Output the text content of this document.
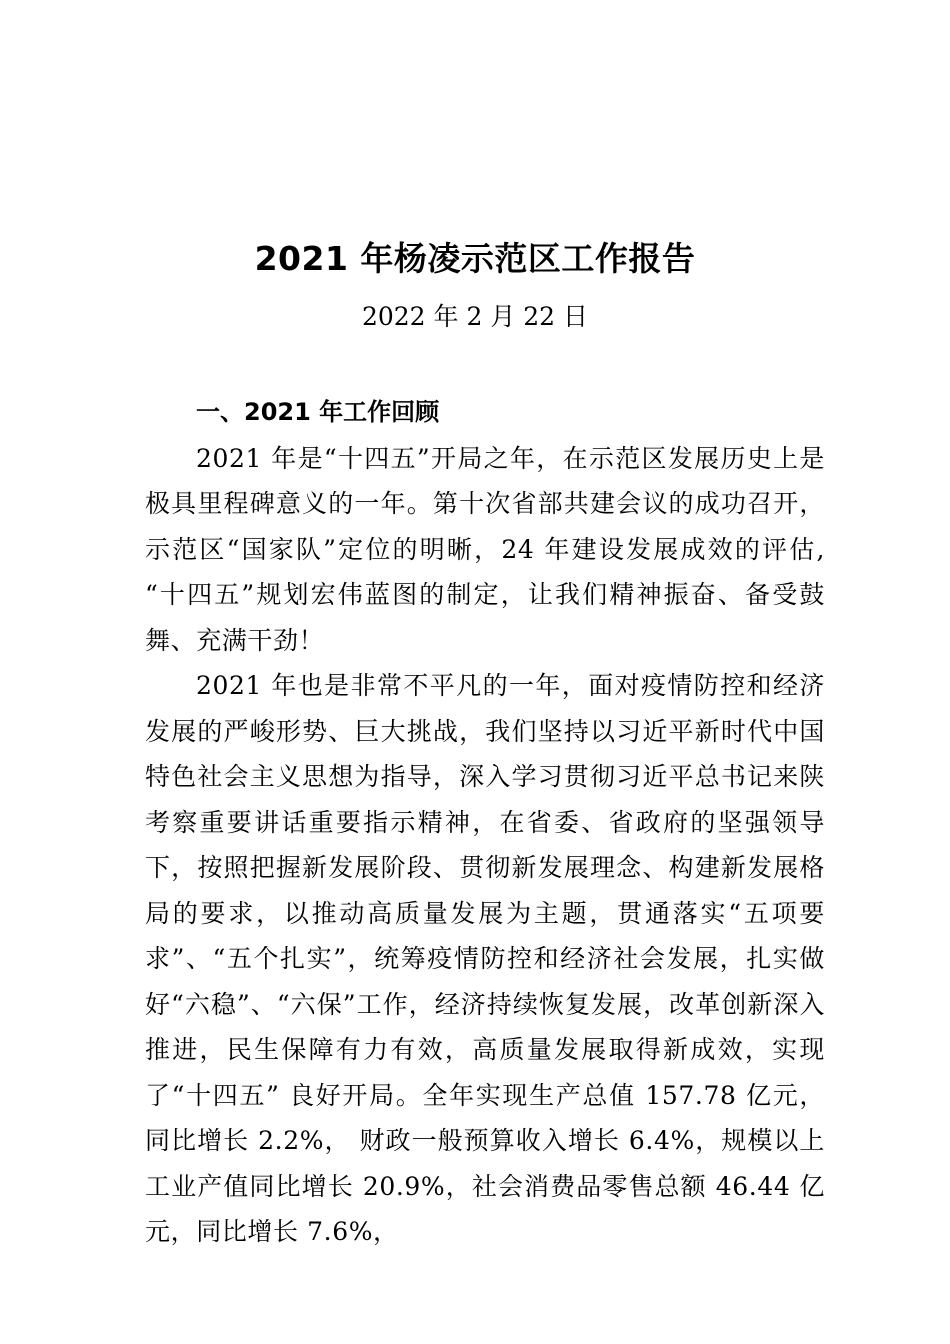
2021 年杨凌示范区工作报告

2022 年 2 月 22 日

一、2021 年工作回顾

2021 年是“十四五”开局之年，在示范区发展历史上是极具里程碑意义的一年。第十次省部共建会议的成功召开，示范区“国家队”定位的明晰，24 年建设发展成效的评估, “十四五”规划宏伟蓝图的制定，让我们精神振奋、备受鼓舞、充满干劲！

2021 年也是非常不平凡的一年，面对疫情防控和经济发展的严峻形势、巨大挑战，我们坚持以习近平新时代中国特色社会主义思想为指导，深入学习贯彻习近平总书记来陕考察重要讲话重要指示精神，在省委、省政府的坚强领导下，按照把握新发展阶段、贯彻新发展理念、构建新发展格局的要求，以推动高质量发展为主题，贯通落实“五项要求”、“五个扎实”，统筹疫情防控和经济社会发展，扎实做好“六稳”、“六保”工作，经济持续恢复发展，改革创新深入推进，民生保障有力有效，高质量发展取得新成效，实现了“十四五” 良好开局。全年实现生产总值 157.78 亿元，同比增长 2.2%， 财政一般预算收入增长 6.4%，规模以上工业产值同比增长 20.9%，社会消费品零售总额 46.44 亿元，同比增长 7.6%，
